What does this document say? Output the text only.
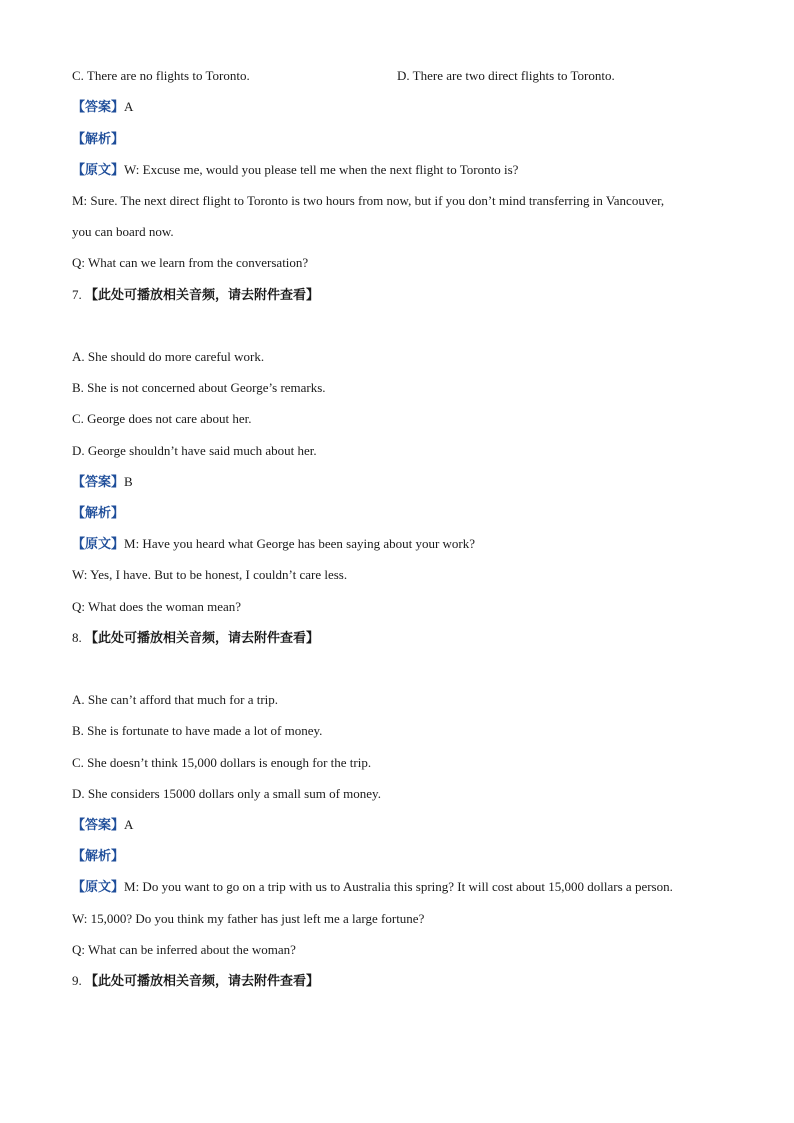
C. There are no flights to Toronto.	D. There are two direct flights to Toronto.
【答案】A
【解析】
【原文】W: Excuse me, would you please tell me when the next flight to Toronto is?
M: Sure. The next direct flight to Toronto is two hours from now, but if you don’t mind transferring in Vancouver,
you can board now.
Q: What can we learn from the conversation?
7. 【此处可播放相关音频，请去附件查看】
A. She should do more careful work.
B. She is not concerned about George’s remarks.
C. George does not care about her.
D. George shouldn’t have said much about her.
【答案】B
【解析】
【原文】M: Have you heard what George has been saying about your work?
W: Yes, I have. But to be honest, I couldn’t care less.
Q: What does the woman mean?
8. 【此处可播放相关音频，请去附件查看】
A. She can’t afford that much for a trip.
B. She is fortunate to have made a lot of money.
C. She doesn’t think 15,000 dollars is enough for the trip.
D. She considers 15000 dollars only a small sum of money.
【答案】A
【解析】
【原文】M: Do you want to go on a trip with us to Australia this spring? It will cost about 15,000 dollars a person.
W: 15,000? Do you think my father has just left me a large fortune?
Q: What can be inferred about the woman?
9. 【此处可播放相关音频，请去附件查看】
